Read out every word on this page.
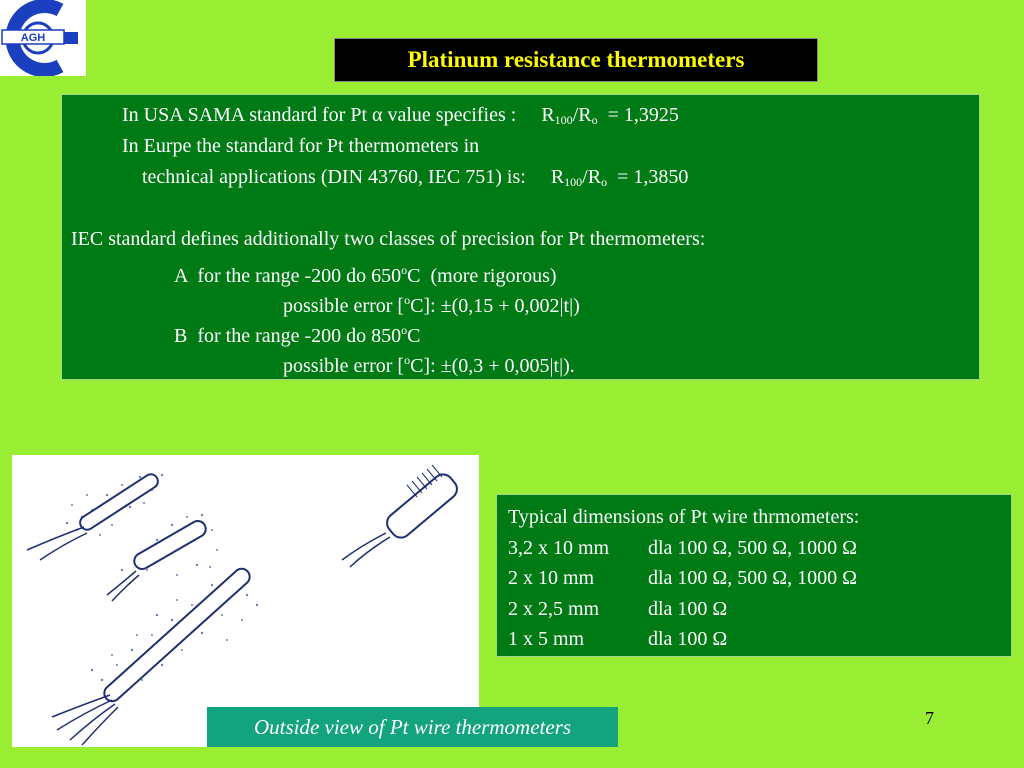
AGH
Platinum resistance thermometers
In USA SAMA standard for Pt α value specifies : $R_{100}/R_o = 1,3925$
In Eurpe the standard for Pt thermometers in
technical applications (DIN 43760, IEC 751) is: $R_{100}/R_o = 1,3850$
IEC standard defines additionally two classes of precision for Pt thermometers:
A  for the range -200 do 650$^o$C  (more rigorous)
possible error [$^o$C]: ±(0,15 + 0,002|t|)
B  for the range -200 do 850$^o$C
possible error [$^o$C]: ±(0,3 + 0,005|t|).
Outside view of Pt wire thermometers
Typical dimensions of Pt wire thrmometers:
3,2 x 10 mm dla 100 Ω, 500 Ω, 1000 Ω
2 x 10 mm	dla 100 Ω, 500 Ω, 1000 Ω
2 x 2,5 mm dla 100 Ω
1 x 5 mm	dla 100 Ω
7
